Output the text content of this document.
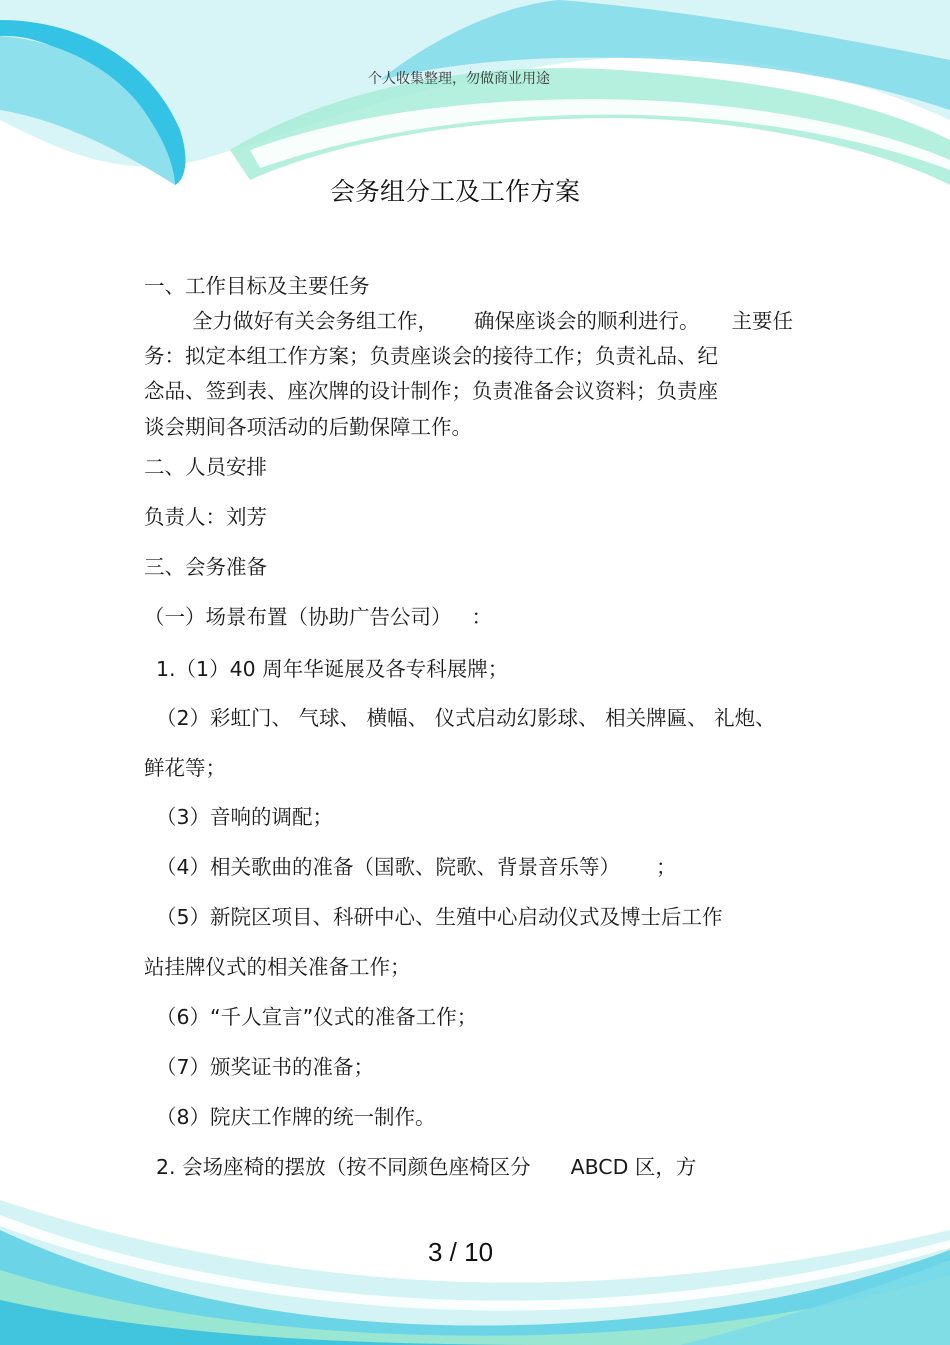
个人收集整理，勿做商业用途
会务组分工及工作方案
一、工作目标及主要任务
全力做好有关会务组工作， 确保座谈会的顺利进行。 主要任
务：拟定本组工作方案；负责座谈会的接待工作；负责礼品、纪
念品、签到表、座次牌的设计制作；负责准备会议资料；负责座
谈会期间各项活动的后勤保障工作。
二、人员安排
负责人：刘芳
三、会务准备
（一）场景布置（协助广告公司） ：
1.（1）40 周年华诞展及各专科展牌；
（2）彩虹门、 气球、 横幅、 仪式启动幻影球、 相关牌匾、 礼炮、
鲜花等；
（3）音响的调配；
（4）相关歌曲的准备（国歌、院歌、背景音乐等） ；
（5）新院区项目、科研中心、生殖中心启动仪式及博士后工作
站挂牌仪式的相关准备工作；
（6）“千人宣言”仪式的准备工作；
（7）颁奖证书的准备；
（8）院庆工作牌的统一制作。
2. 会场座椅的摆放（按不同颜色座椅区分 ABCD 区，方
3 / 10
